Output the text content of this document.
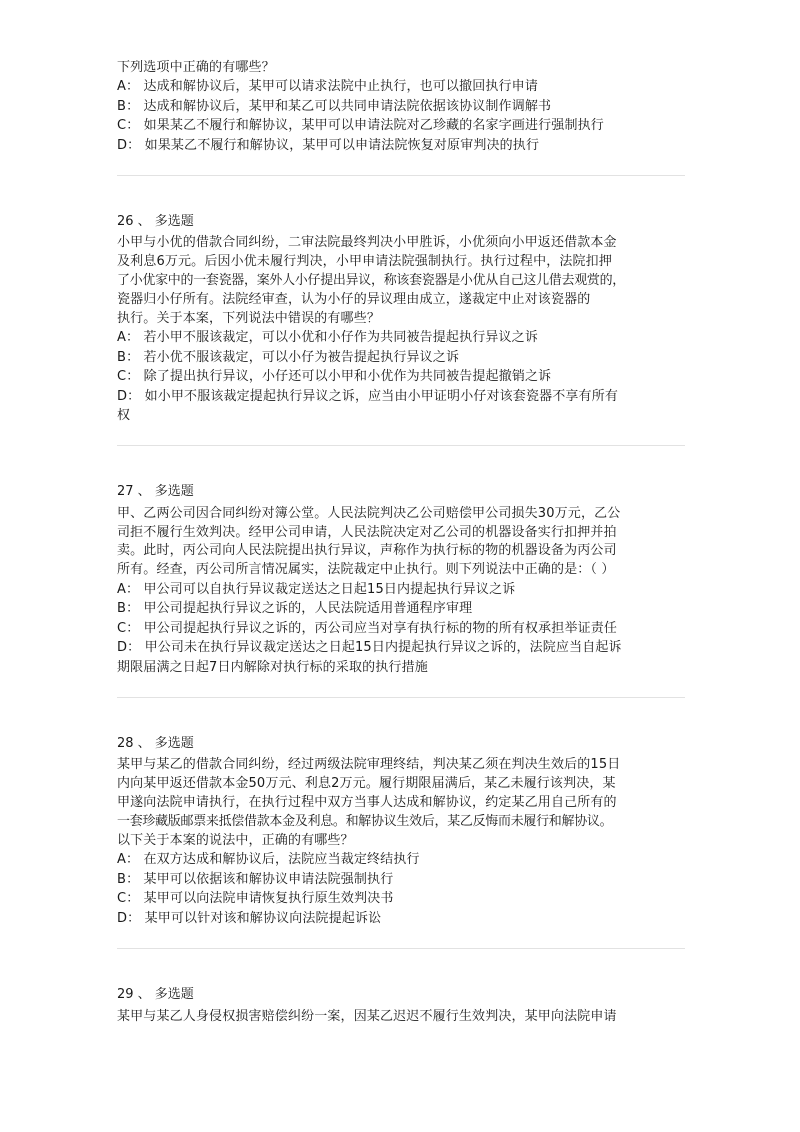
下列选项中正确的有哪些？
A： 达成和解协议后，某甲可以请求法院中止执行，也可以撤回执行申请
B： 达成和解协议后，某甲和某乙可以共同申请法院依据该协议制作调解书
C： 如果某乙不履行和解协议，某甲可以申请法院对乙珍藏的名家字画进行强制执行
D： 如果某乙不履行和解协议，某甲可以申请法院恢复对原审判决的执行
26 、 多选题
小甲与小优的借款合同纠纷，二审法院最终判决小甲胜诉，小优须向小甲返还借款本金
及利息6万元。后因小优未履行判决，小甲申请法院强制执行。执行过程中，法院扣押
了小优家中的一套瓷器，案外人小仔提出异议，称该套瓷器是小优从自己这儿借去观赏的，
瓷器归小仔所有。法院经审查，认为小仔的异议理由成立，遂裁定中止对该瓷器的
执行。关于本案，下列说法中错误的有哪些？
A： 若小甲不服该裁定，可以小优和小仔作为共同被告提起执行异议之诉
B： 若小优不服该裁定，可以小仔为被告提起执行异议之诉
C： 除了提出执行异议，小仔还可以小甲和小优作为共同被告提起撤销之诉
D： 如小甲不服该裁定提起执行异议之诉，应当由小甲证明小仔对该套瓷器不享有所有
权
27 、 多选题
甲、乙两公司因合同纠纷对簿公堂。人民法院判决乙公司赔偿甲公司损失30万元，乙公
司拒不履行生效判决。经甲公司申请，人民法院决定对乙公司的机器设备实行扣押并拍
卖。此时，丙公司向人民法院提出执行异议，声称作为执行标的物的机器设备为丙公司
所有。经查，丙公司所言情况属实，法院裁定中止执行。则下列说法中正确的是：（ ）
A： 甲公司可以自执行异议裁定送达之日起15日内提起执行异议之诉
B： 甲公司提起执行异议之诉的，人民法院适用普通程序审理
C： 甲公司提起执行异议之诉的，丙公司应当对享有执行标的物的所有权承担举证责任
D： 甲公司未在执行异议裁定送达之日起15日内提起执行异议之诉的，法院应当自起诉
期限届满之日起7日内解除对执行标的采取的执行措施
28 、 多选题
某甲与某乙的借款合同纠纷，经过两级法院审理终结，判决某乙须在判决生效后的15日
内向某甲返还借款本金50万元、利息2万元。履行期限届满后，某乙未履行该判决，某
甲遂向法院申请执行，在执行过程中双方当事人达成和解协议，约定某乙用自己所有的
一套珍藏版邮票来抵偿借款本金及利息。和解协议生效后，某乙反悔而未履行和解协议。
以下关于本案的说法中，正确的有哪些？
A： 在双方达成和解协议后，法院应当裁定终结执行
B： 某甲可以依据该和解协议申请法院强制执行
C： 某甲可以向法院申请恢复执行原生效判决书
D： 某甲可以针对该和解协议向法院提起诉讼
29 、 多选题
某甲与某乙人身侵权损害赔偿纠纷一案，因某乙迟迟不履行生效判决，某甲向法院申请
